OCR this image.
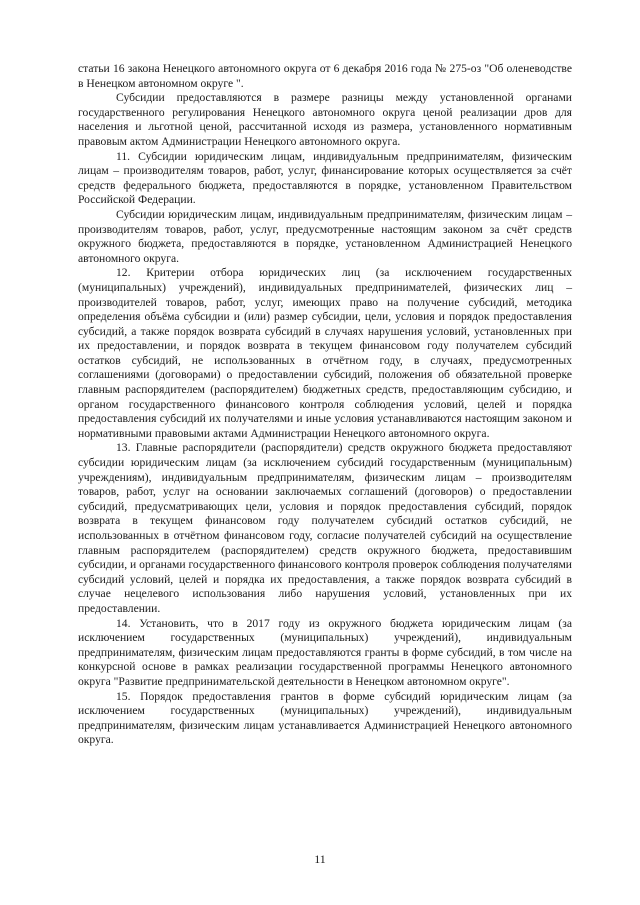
статьи 16 закона Ненецкого автономного округа от 6 декабря 2016 года № 275-оз "Об оленеводстве в Ненецком автономном округе ".

Субсидии предоставляются в размере разницы между установленной органами государственного регулирования Ненецкого автономного округа ценой реализации дров для населения и льготной ценой, рассчитанной исходя из размера, установленного нормативным правовым актом Администрации Ненецкого автономного округа.

11. Субсидии юридическим лицам, индивидуальным предпринимателям, физическим лицам – производителям товаров, работ, услуг, финансирование которых осуществляется за счёт средств федерального бюджета, предоставляются в порядке, установленном Правительством Российской Федерации.

Субсидии юридическим лицам, индивидуальным предпринимателям, физическим лицам – производителям товаров, работ, услуг, предусмотренные настоящим законом за счёт средств окружного бюджета, предоставляются в порядке, установленном Администрацией Ненецкого автономного округа.

12. Критерии отбора юридических лиц (за исключением государственных (муниципальных) учреждений), индивидуальных предпринимателей, физических лиц – производителей товаров, работ, услуг, имеющих право на получение субсидий, методика определения объёма субсидии и (или) размер субсидии, цели, условия и порядок предоставления субсидий, а также порядок возврата субсидий в случаях нарушения условий, установленных при их предоставлении, и порядок возврата в текущем финансовом году получателем субсидий остатков субсидий, не использованных в отчётном году, в случаях, предусмотренных соглашениями (договорами) о предоставлении субсидий, положения об обязательной проверке главным распорядителем (распорядителем) бюджетных средств, предоставляющим субсидию, и органом государственного финансового контроля соблюдения условий, целей и порядка предоставления субсидий их получателями и иные условия устанавливаются настоящим законом и нормативными правовыми актами Администрации Ненецкого автономного округа.

13. Главные распорядители (распорядители) средств окружного бюджета предоставляют субсидии юридическим лицам (за исключением субсидий государственным (муниципальным) учреждениям), индивидуальным предпринимателям, физическим лицам – производителям товаров, работ, услуг на основании заключаемых соглашений (договоров) о предоставлении субсидий, предусматривающих цели, условия и порядок предоставления субсидий, порядок возврата в текущем финансовом году получателем субсидий остатков субсидий, не использованных в отчётном финансовом году, согласие получателей субсидий на осуществление главным распорядителем (распорядителем) средств окружного бюджета, предоставившим субсидии, и органами государственного финансового контроля проверок соблюдения получателями субсидий условий, целей и порядка их предоставления, а также порядок возврата субсидий в случае нецелевого использования либо нарушения условий, установленных при их предоставлении.

14. Установить, что в 2017 году из окружного бюджета юридическим лицам (за исключением государственных (муниципальных) учреждений), индивидуальным предпринимателям, физическим лицам предоставляются гранты в форме субсидий, в том числе на конкурсной основе в рамках реализации государственной программы Ненецкого автономного округа "Развитие предпринимательской деятельности в Ненецком автономном округе".

15. Порядок предоставления грантов в форме субсидий юридическим лицам (за исключением государственных (муниципальных) учреждений), индивидуальным предпринимателям, физическим лицам устанавливается Администрацией Ненецкого автономного округа.

11
